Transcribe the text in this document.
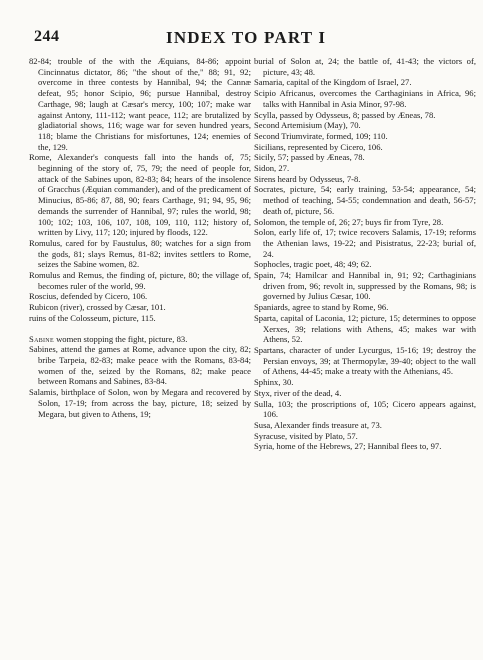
244	INDEX TO PART I
82-84; trouble of the with the Æquians, 84-86; appoint Cincinnatus dictator, 86; "the shout of the," 88; 91, 92; overcome in three contests by Hannibal, 94; the Cannæ defeat, 95; honor Scipio, 96; pursue Hannibal, destroy Carthage, 98; laugh at Cæsar's mercy, 100; 107; make war against Antony, 111-112; want peace, 112; are brutalized by gladiatorial shows, 116; wage war for seven hundred years, 118; blame the Christians for misfortunes, 124; enemies of the, 129.
Rome, Alexander's conquests fall into the hands of, 75; beginning of the story of, 75, 79; the need of people for, attack of the Sabines upon, 82-83; 84; hears of the insolence of Gracchus (Æquian commander), and of the predicament of Minucius, 85-86; 87, 88, 90; fears Carthage, 91; 94, 95, 96; demands the surrender of Hannibal, 97; rules the world, 98; 100; 102; 103, 106, 107, 108, 109, 110, 112; history of, written by Livy, 117; 120; injured by floods, 122.
Romulus, cared for by Faustulus, 80; watches for a sign from the gods, 81; slays Remus, 81-82; invites settlers to Rome, seizes the Sabine women, 82.
Romulus and Remus, the finding of, picture, 80; the village of, becomes ruler of the world, 99.
Roscius, defended by Cicero, 106.
Rubicon (river), crossed by Cæsar, 101.
ruins of the Colosseum, picture, 115.
Sabine women stopping the fight, picture, 83.
Sabines, attend the games at Rome, advance upon the city, 82; bribe Tarpeia, 82-83; make peace with the Romans, 83-84; women of the, seized by the Romans, 82; make peace between Romans and Sabines, 83-84.
Salamis, birthplace of Solon, won by Megara and recovered by Solon, 17-19; from across the bay, picture, 18; seized by Megara, but given to Athens, 19;
burial of Solon at, 24; the battle of, 41-43; the victors of, picture, 43; 48.
Samaria, capital of the Kingdom of Israel, 27.
Scipio Africanus, overcomes the Carthaginians in Africa, 96; talks with Hannibal in Asia Minor, 97-98.
Scylla, passed by Odysseus, 8; passed by Æneas, 78.
Second Artemisium (May), 70.
Second Triumvirate, formed, 109; 110.
Sicilians, represented by Cicero, 106.
Sicily, 57; passed by Æneas, 78.
Sidon, 27.
Sirens heard by Odysseus, 7-8.
Socrates, picture, 54; early training, 53-54; appearance, 54; method of teaching, 54-55; condemnation and death, 56-57; death of, picture, 56.
Solomon, the temple of, 26; 27; buys fir from Tyre, 28.
Solon, early life of, 17; twice recovers Salamis, 17-19; reforms the Athenian laws, 19-22; and Pisistratus, 22-23; burial of, 24.
Sophocles, tragic poet, 48; 49; 62.
Spain, 74; Hamilcar and Hannibal in, 91; 92; Carthaginians driven from, 96; revolt in, suppressed by the Romans, 98; is governed by Julius Cæsar, 100.
Spaniards, agree to stand by Rome, 96.
Sparta, capital of Laconia, 12; picture, 15; determines to oppose Xerxes, 39; relations with Athens, 45; makes war with Athens, 52.
Spartans, character of under Lycurgus, 15-16; 19; destroy the Persian envoys, 39; at Thermopylæ, 39-40; object to the wall of Athens, 44-45; make a treaty with the Athenians, 45.
Sphinx, 30.
Styx, river of the dead, 4.
Sulla, 103; the proscriptions of, 105; Cicero appears against, 106.
Susa, Alexander finds treasure at, 73.
Syracuse, visited by Plato, 57.
Syria, home of the Hebrews, 27; Hannibal flees to, 97.
